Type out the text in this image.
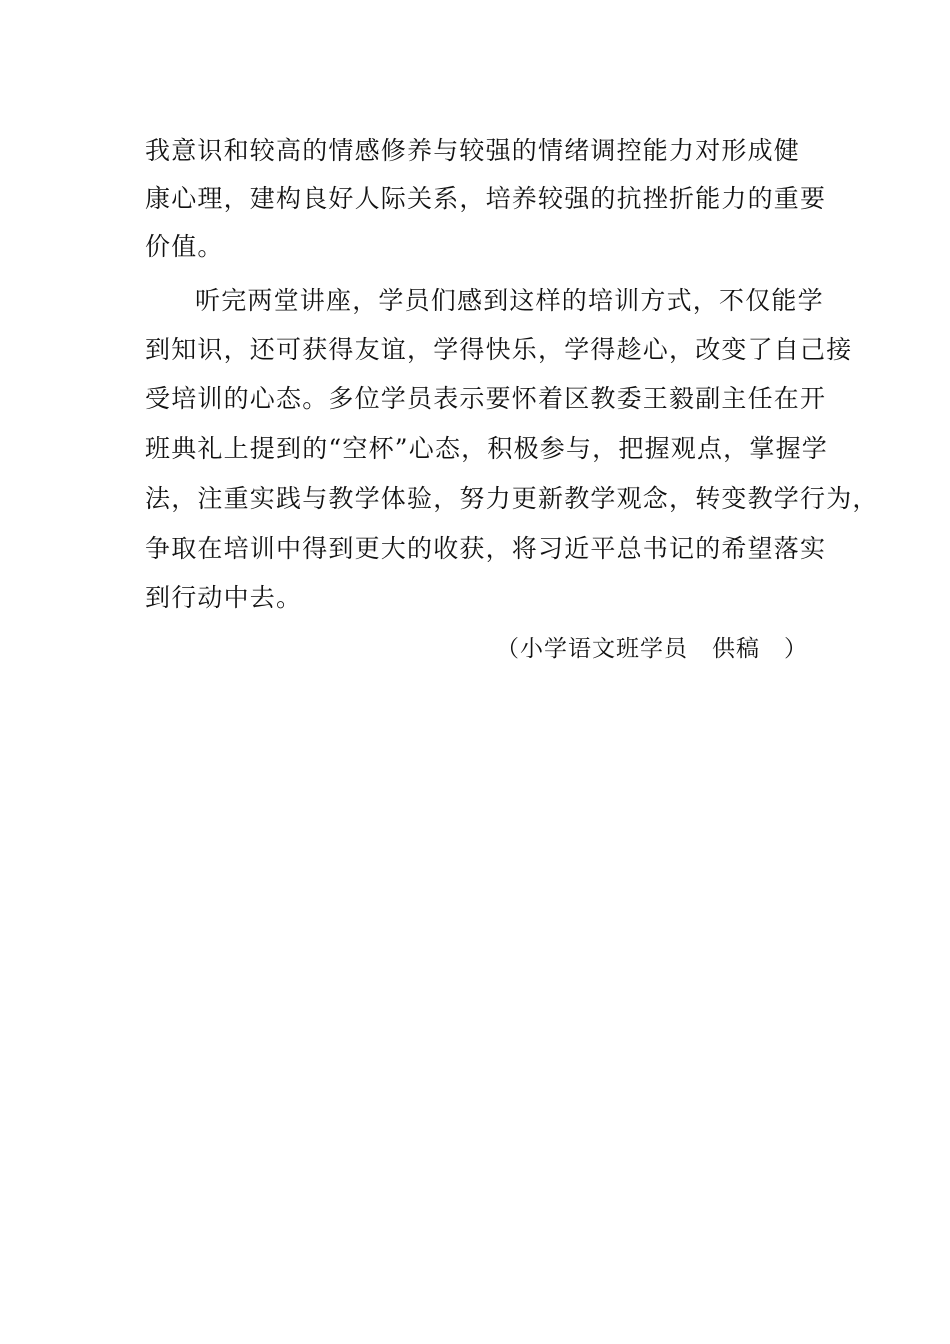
我意识和较高的情感修养与较强的情绪调控能力对形成健
康心理，建构良好人际关系，培养较强的抗挫折能力的重要
价值。
听完两堂讲座，学员们感到这样的培训方式，不仅能学
到知识，还可获得友谊，学得快乐，学得趁心，改变了自己接
受培训的心态。多位学员表示要怀着区教委王毅副主任在开
班典礼上提到的“空杯”心态，积极参与，把握观点，掌握学
法，注重实践与教学体验，努力更新教学观念，转变教学行为，
争取在培训中得到更大的收获，将习近平总书记的希望落实
到行动中去。
（小学语文班学员　供稿　）
